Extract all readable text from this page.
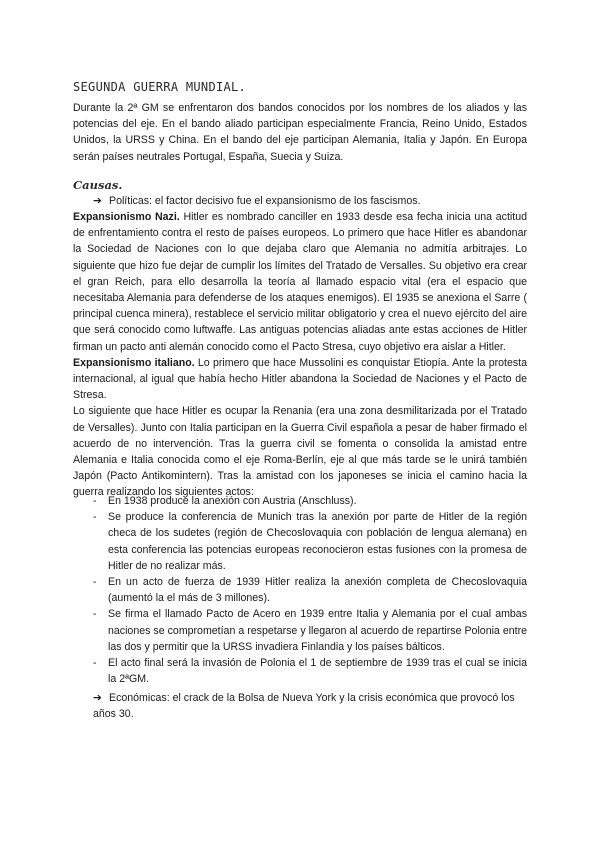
SEGUNDA GUERRA MUNDIAL.
Durante la 2ª GM se enfrentaron dos bandos conocidos por los nombres de los aliados y las potencias del eje. En el bando aliado participan especialmente Francia, Reino Unido, Estados Unidos, la URSS y China. En el bando del eje participan Alemania, Italia y Japón. En Europa serán países neutrales Portugal, España, Suecia y Suiza.
Causas.
➔ Políticas: el factor decisivo fue el expansionismo de los fascismos.

Expansionismo Nazi. Hitler es nombrado canciller en 1933 desde esa fecha inicia una actitud de enfrentamiento contra el resto de países europeos. Lo primero que hace Hitler es abandonar la Sociedad de Naciones con lo que dejaba claro que Alemania no admitía arbitrajes. Lo siguiente que hizo fue dejar de cumplir los límites del Tratado de Versalles. Su objetivo era crear el gran Reich, para ello desarrolla la teoría al llamado espacio vital (era el espacio que necesitaba Alemania para defenderse de los ataques enemigos). El 1935 se anexiona el Sarre ( principal cuenca minera), restablece el servicio militar obligatorio y crea el nuevo ejército del aire que será conocido como luftwaffe. Las antiguas potencias aliadas ante estas acciones de Hitler firman un pacto anti alemán conocido como el Pacto Stresa, cuyo objetivo era aislar a Hitler.

Expansionismo italiano. Lo primero que hace Mussolini es conquistar Etiopía. Ante la protesta internacional, al igual que había hecho Hitler abandona la Sociedad de Naciones y el Pacto de Stresa.

Lo siguiente que hace Hitler es ocupar la Renania (era una zona desmilitarizada por el Tratado de Versalles). Junto con Italia participan en la Guerra Civil española a pesar de haber firmado el acuerdo de no intervención. Tras la guerra civil se fomenta o consolida la amistad entre Alemania e Italia conocida como el eje Roma-Berlín, eje al que más tarde se le unirá también Japón (Pacto Antikomintern). Tras la amistad con los japoneses se inicia el camino hacia la guerra realizando los siguientes actos:

- En 1938 produce la anexión con Austria (Anschluss).
- Se produce la conferencia de Munich tras la anexión por parte de Hitler de la región checa de los sudetes (región de Checoslovaquia con población de lengua alemana) en esta conferencia las potencias europeas reconocieron estas fusiones con la promesa de Hitler de no realizar más.
- En un acto de fuerza de 1939 Hitler realiza la anexión completa de Checoslovaquia (aumentó la el más de 3 millones).
- Se firma el llamado Pacto de Acero en 1939 entre Italia y Alemania por el cual ambas naciones se comprometían a respetarse y llegaron al acuerdo de repartirse Polonia entre las dos y permitir que la URSS invadiera Finlandia y los países bálticos.
- El acto final será la invasión de Polonia el 1 de septiembre de 1939 tras el cual se inicia la 2ªGM.
➔ Económicas: el crack de la Bolsa de Nueva York y la crisis económica que provocó los años 30.
